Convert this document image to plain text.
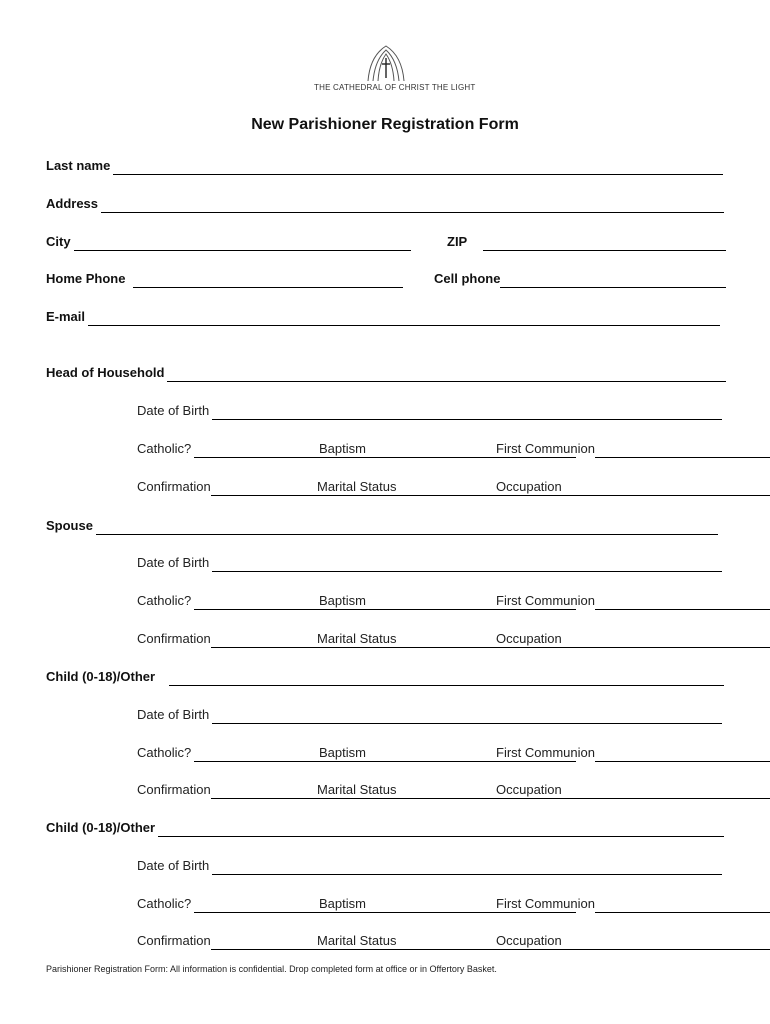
THE CATHEDRAL OF CHRIST THE LIGHT
New Parishioner Registration Form
Last name
Address
City	ZIP
Home Phone	Cell phone
E-mail
Head of Household
Date of Birth
Catholic?	Baptism	First Communion
Confirmation	Marital Status	Occupation
Spouse
Date of Birth
Catholic?	Baptism	First Communion
Confirmation	Marital Status	Occupation
Child (0-18)/Other
Date of Birth
Catholic?	Baptism	First Communion
Confirmation	Marital Status	Occupation
Child (0-18)/Other
Date of Birth
Catholic?	Baptism	First Communion
Confirmation	Marital Status	Occupation
Parishioner Registration Form: All information is confidential. Drop completed form at office or in Offertory Basket.
